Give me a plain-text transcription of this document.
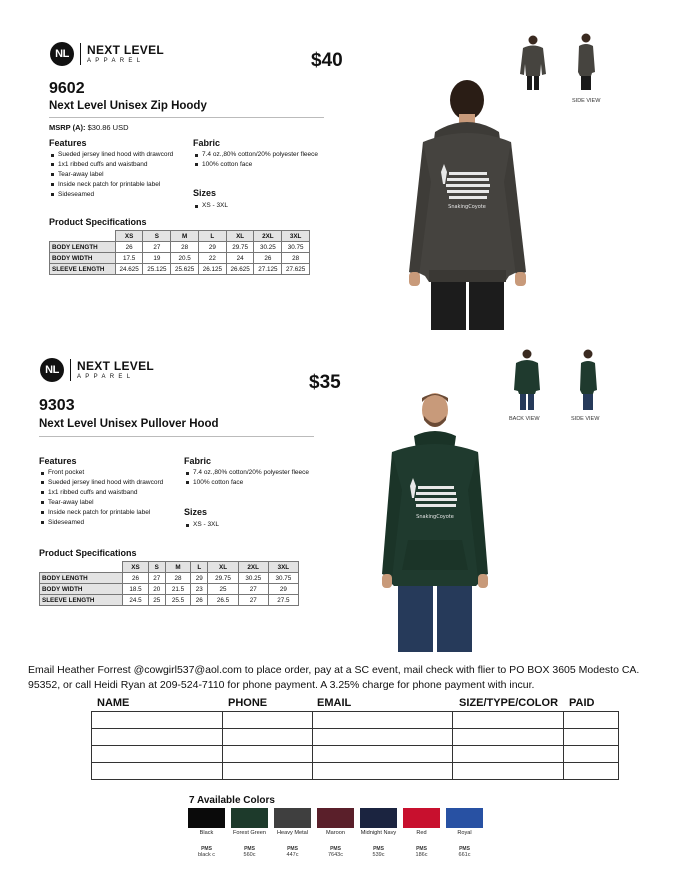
NL	NEXT LEVEL
APPAREL	$40
9602
Next Level Unisex Zip Hoody
MSRP (A): $30.86 USD
Features
Sueded jersey lined hood with drawcord
1x1 ribbed cuffs and waistband
Tear-away label
Inside neck patch for printable label
Sideseamed
Fabric
7.4 oz.,80% cotton/20% polyester fleece
100% cotton face
Sizes
XS - 3XL
Product Specifications
	XS	S	M	L	XL	2XL	3XL
BODY LENGTH	26	27	28	29	29.75	30.25	30.75
BODY WIDTH	17.5	19	20.5	22	24	26	28
SLEEVE LENGTH	24.625	25.125	25.625	26.125	26.625	27.125	27.625
SIDE VIEW
SnakingCoyote
NL	NEXT LEVEL
APPAREL	$35
9303
Next Level Unisex Pullover Hood
Features
Front pocket
Sueded jersey lined hood with drawcord
1x1 ribbed cuffs and waistband
Tear-away label
Inside neck patch for printable label
Sideseamed
Fabric
7.4 oz.,80% cotton/20% polyester fleece
100% cotton face
Sizes
XS - 3XL
Product Specifications
	XS	S	M	L	XL	2XL	3XL
BODY LENGTH	26	27	28	29	29.75	30.25	30.75
BODY WIDTH	18.5	20	21.5	23	25	27	29
SLEEVE LENGTH	24.5	25	25.5	26	26.5	27	27.5
BACK VIEW	SIDE VIEW
SnakingCoyote
Email Heather Forrest @cowgirl537@aol.com to place order, pay at a SC event, mail check with flier to PO BOX 3605 Modesto CA. 95352, or call Heidi Ryan at 209-524-7110 for phone payment. A 3.25% charge for phone payment with incur.
NAME	PHONE	EMAIL	SIZE/TYPE/COLOR PAID

7 Available Colors
Black
PMS
black c
Forest Green
PMS
560c
Heavy Metal
PMS
447c
Maroon
PMS
7643c
Midnight Navy
PMS
539c
Red
PMS
186c
Royal
PMS
661c
